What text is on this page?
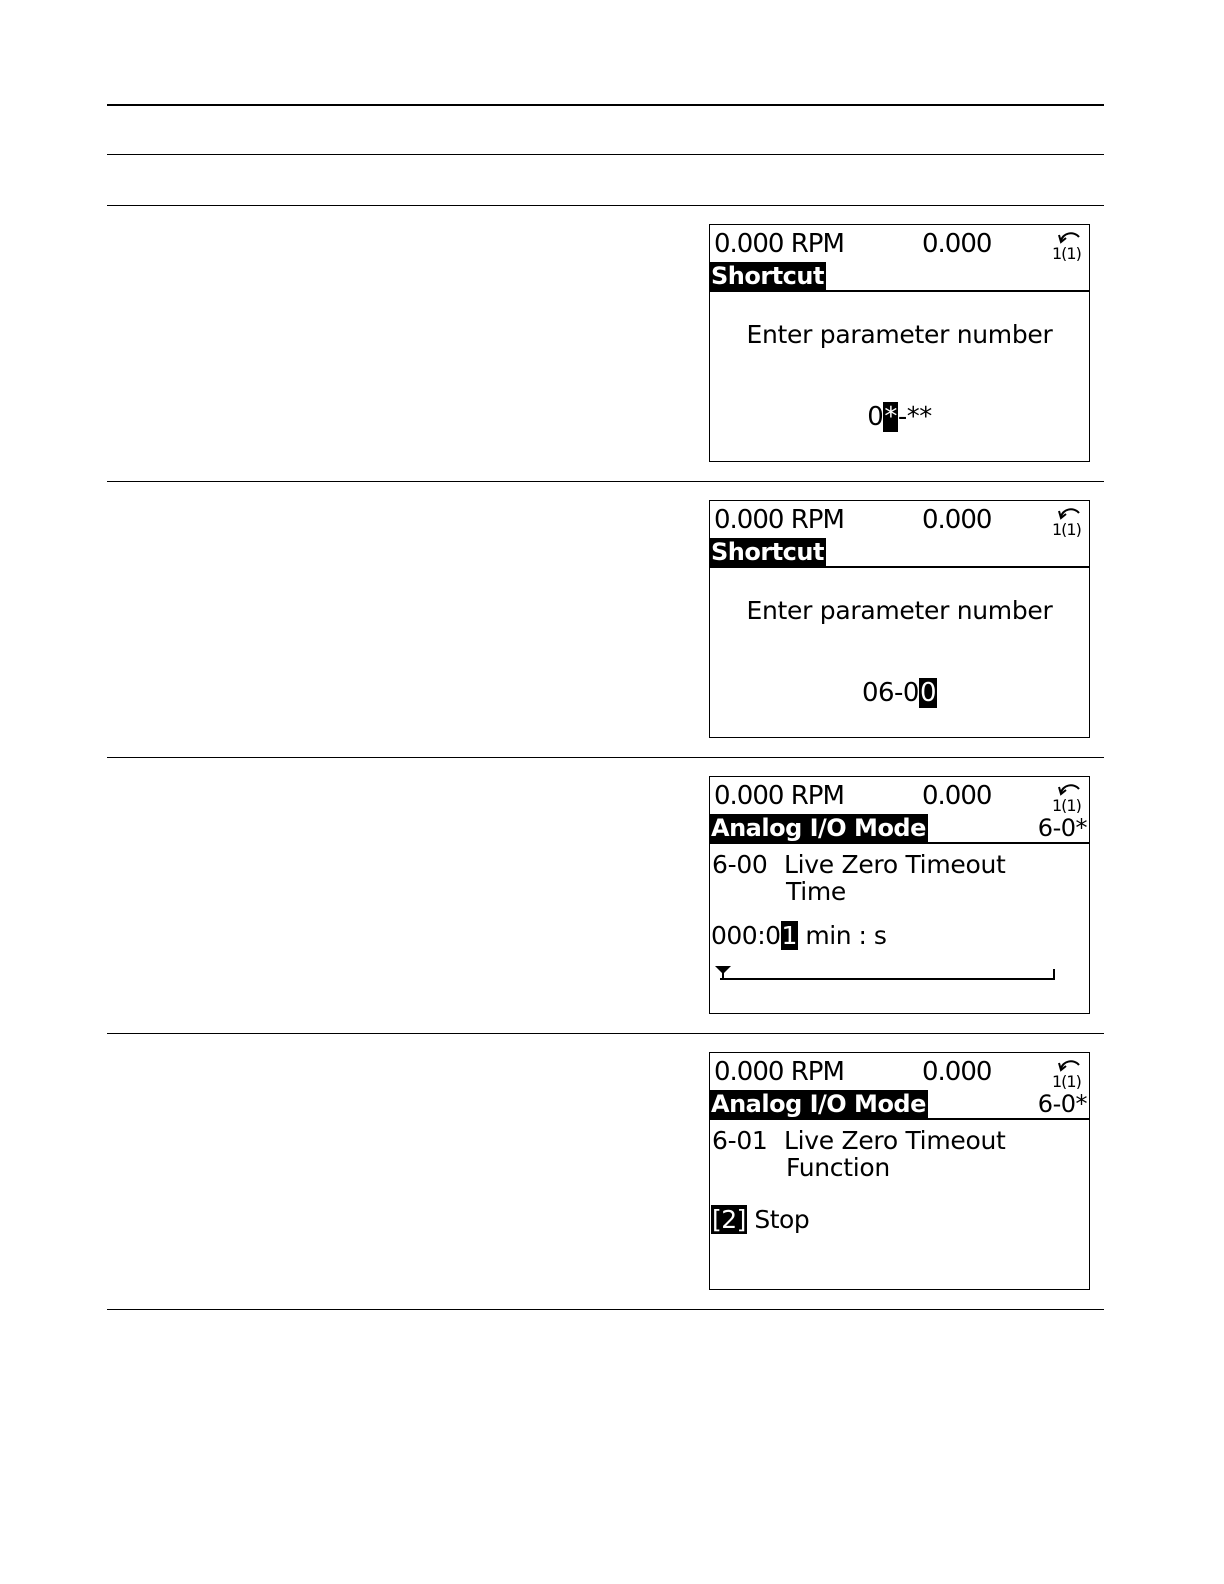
0.000 RPM	0.000	1(1)
Shortcut
Enter parameter number
0*-**
0.000 RPM	0.000	1(1)
Shortcut
Enter parameter number
06-00
0.000 RPM	0.000	1(1)
Analog I/O Mode	6-0*
6-00 Live Zero Timeout
Time
000:01 min : s
0.000 RPM	0.000	1(1)
Analog I/O Mode	6-0*
6-01 Live Zero Timeout
Function
[2] Stop
